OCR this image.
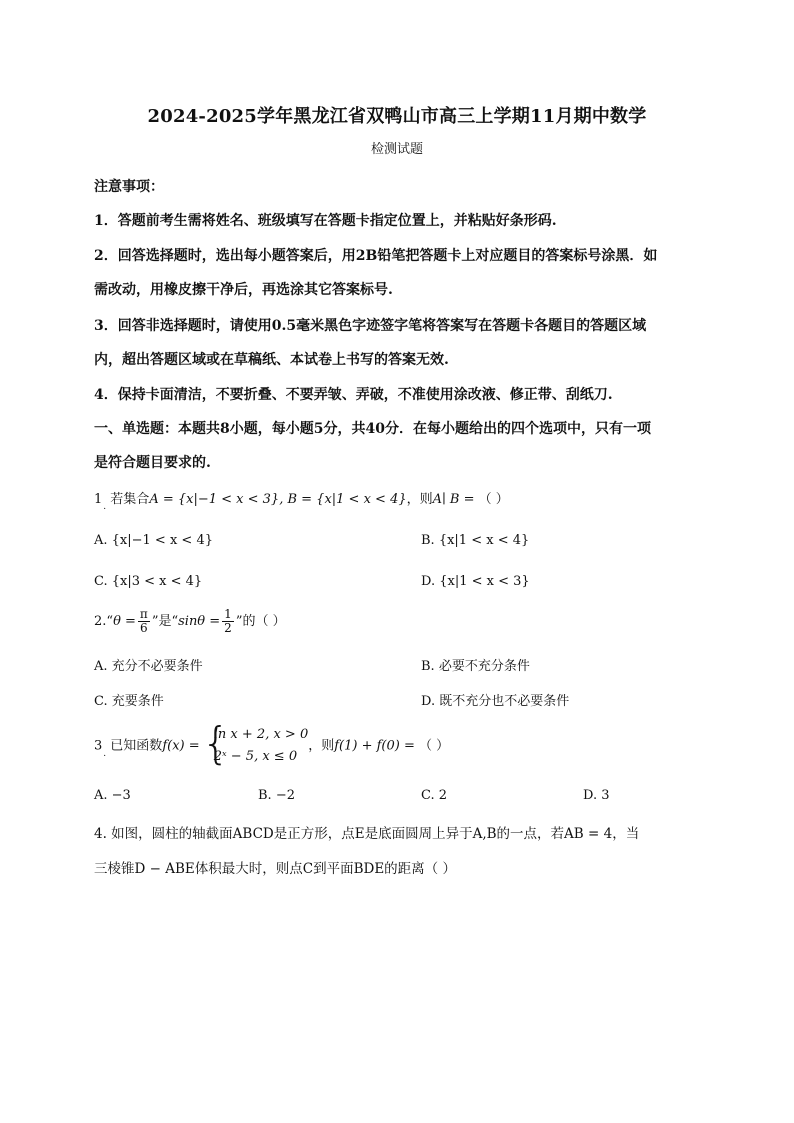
2024-2025学年黑龙江省双鸭山市高三上学期11月期中数学
检测试题
注意事项：
1．答题前考生需将姓名、班级填写在答题卡指定位置上，并粘贴好条形码.
2．回答选择题时，选出每小题答案后，用2B铅笔把答题卡上对应题目的答案标号涂黑．如
需改动，用橡皮擦干净后，再选涂其它答案标号.
3．回答非选择题时，请使用0.5毫米黑色字迹签字笔将答案写在答题卡各题目的答题区域
内，超出答题区域或在草稿纸、本试卷上书写的答案无效.
4．保持卡面清洁，不要折叠、不要弄皱、弄破，不准使用涂改液、修正带、刮纸刀.
一、单选题：本题共8小题，每小题5分，共40分．在每小题给出的四个选项中，只有一项
是符合题目要求的.
$1_.$ 若集合A = {x|−1 < x < 3}, B = {x|1 < x < 4}，则A∣ B = （ ）
A. {x|−1 < x < 4}	B. {x|1 < x < 4}
C. {x|3 < x < 4}	D. {x|1 < x < 3}
2.“θ = $\frac{\pi}{6}$ ”是“$\sin\theta = \frac{1}{2}$ ”的（ ）
A. 充分不必要条件	B. 必要不充分条件
C. 充要条件	D. 既不充分也不必要条件
$3_.$ 已知函数f(x) = {
ln x + 2, x > 0
2ˣ − 5, x ≤ 0
，则f(1) + f(0) = （ ）
A. −3	B. −2	C. 2	D. 3
4. 如图，圆柱的轴截面ABCD是正方形，点E是底面圆周上异于A,B的一点，若AB = 4，当
三棱锥D − ABE体积最大时，则点C到平面BDE的距离（ ）
